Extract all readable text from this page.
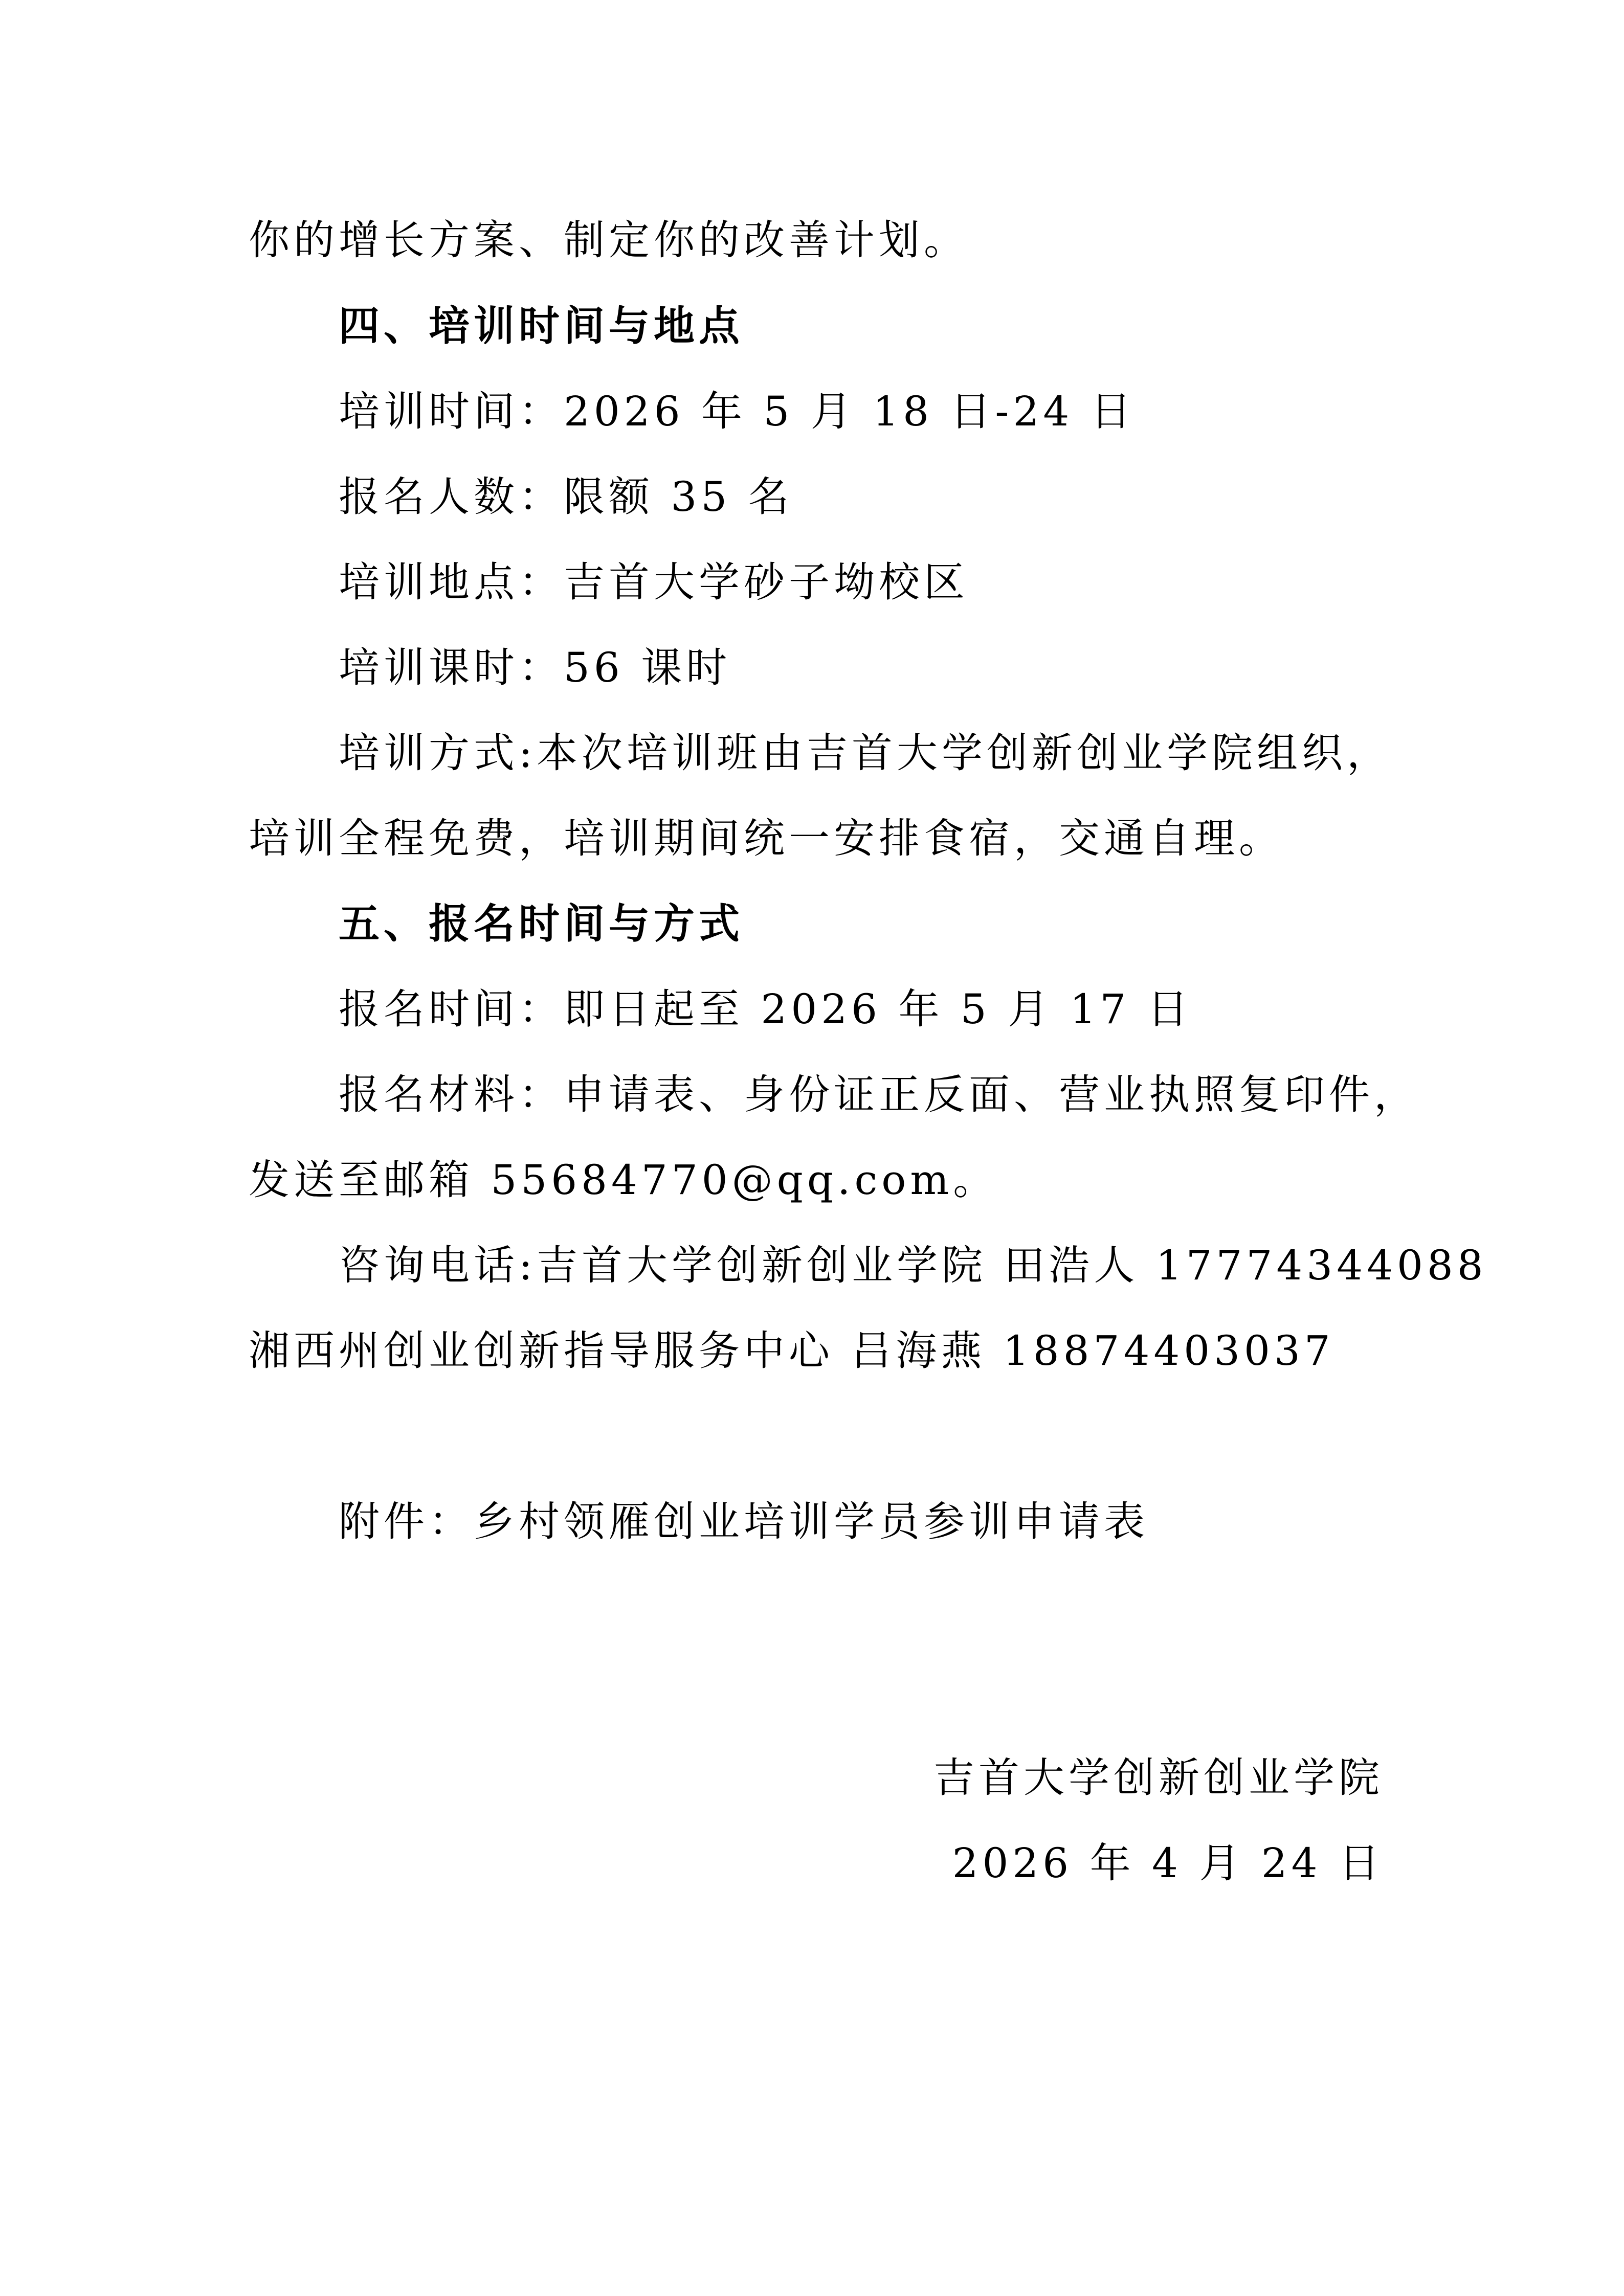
你的增长方案、制定你的改善计划。
四、培训时间与地点
培训时间：2026 年 5 月 18 日-24 日
报名人数：限额 35 名
培训地点：吉首大学砂子坳校区
培训课时：56 课时
培训方式:本次培训班由吉首大学创新创业学院组织，
培训全程免费，培训期间统一安排食宿，交通自理。
五、报名时间与方式
报名时间：即日起至 2026 年 5 月 17 日
报名材料：申请表、身份证正反面、营业执照复印件，
发送至邮箱 55684770@qq.com。
咨询电话:吉首大学创新创业学院 田浩人 17774344088
湘西州创业创新指导服务中心 吕海燕 18874403037
附件：乡村领雁创业培训学员参训申请表
吉首大学创新创业学院
2026 年 4 月 24 日
